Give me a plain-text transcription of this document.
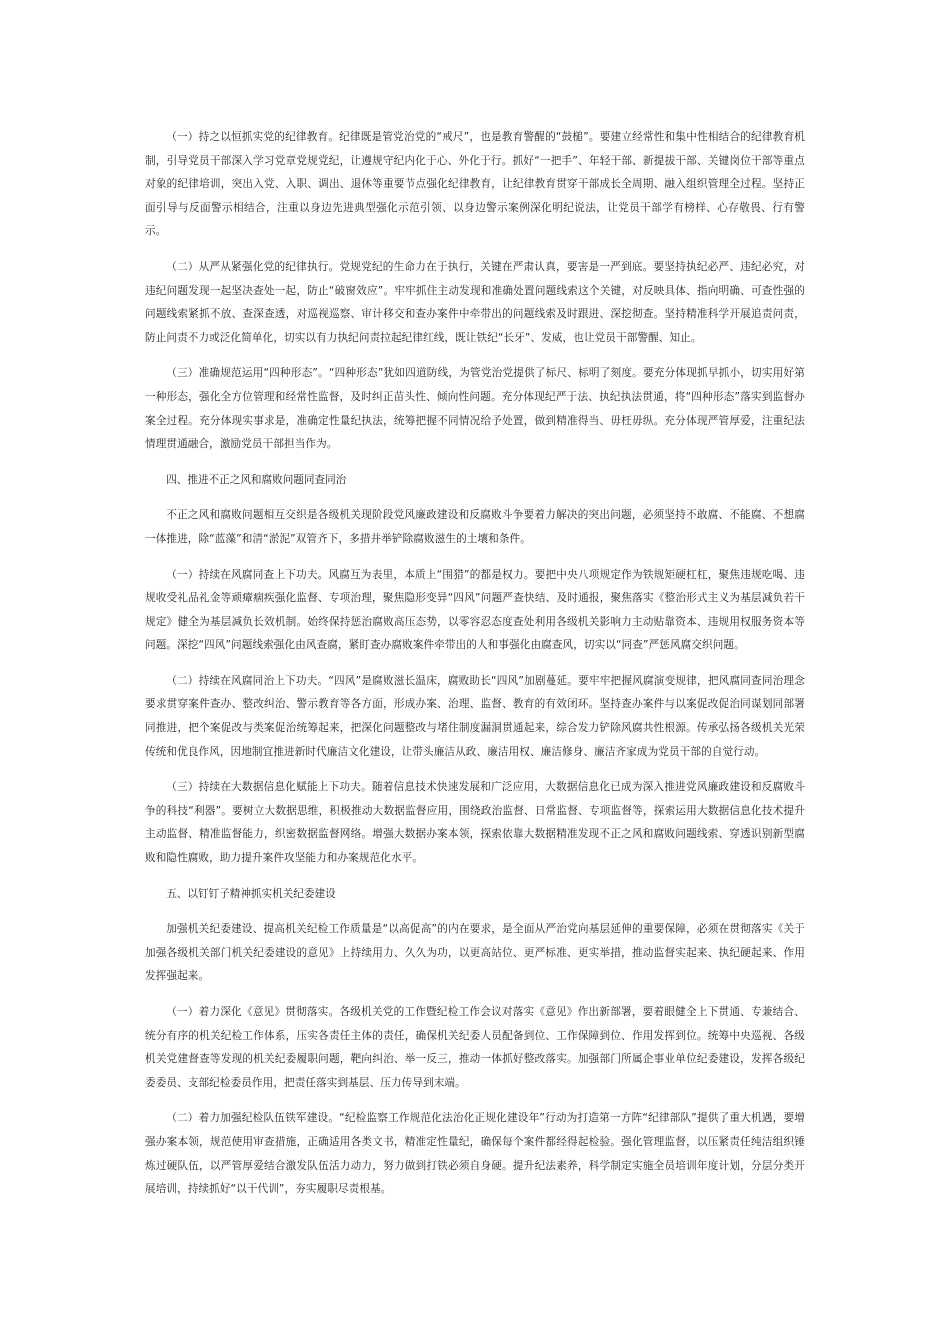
（一）持之以恒抓实党的纪律教育。纪律既是管党治党的“戒尺”，也是教育警醒的“鼓槌”。要建立经常性和集中性相结合的纪律教育机制，引导党员干部深入学习党章党规党纪，让遵规守纪内化于心、外化于行。抓好“一把手”、年轻干部、新提拔干部、关键岗位干部等重点对象的纪律培训，突出入党、入职、调出、退休等重要节点强化纪律教育，让纪律教育贯穿干部成长全周期、融入组织管理全过程。坚持正面引导与反面警示相结合，注重以身边先进典型强化示范引领、以身边警示案例深化明纪说法，让党员干部学有榜样、心存敬畏、行有警示。

（二）从严从紧强化党的纪律执行。党规党纪的生命力在于执行，关键在严肃认真，要害是一严到底。要坚持执纪必严、违纪必究，对违纪问题发现一起坚决查处一起，防止“破窗效应”。牢牢抓住主动发现和准确处置问题线索这个关键，对反映具体、指向明确、可查性强的问题线索紧抓不放、查深查透，对巡视巡察、审计移交和查办案件中牵带出的问题线索及时跟进、深挖彻查。坚持精准科学开展追责问责，防止问责不力或泛化简单化，切实以有力执纪问责拉起纪律红线，既让铁纪“长牙”、发威，也让党员干部警醒、知止。

（三）准确规范运用“四种形态”。“四种形态”犹如四道防线，为管党治党提供了标尺、标明了刻度。要充分体现抓早抓小，切实用好第一种形态，强化全方位管理和经常性监督，及时纠正苗头性、倾向性问题。充分体现纪严于法、执纪执法贯通，将“四种形态”落实到监督办案全过程。充分体现实事求是，准确定性量纪执法，统筹把握不同情况给予处置，做到精准得当、毋枉毋纵。充分体现严管厚爱，注重纪法情理贯通融合，激励党员干部担当作为。

四、推进不正之风和腐败问题同查同治

不正之风和腐败问题相互交织是各级机关现阶段党风廉政建设和反腐败斗争要着力解决的突出问题，必须坚持不敢腐、不能腐、不想腐一体推进，除“蓝藻”和清“淤泥”双管齐下，多措并举铲除腐败滋生的土壤和条件。

（一）持续在风腐同查上下功夫。风腐互为表里，本质上“围猎”的都是权力。要把中央八项规定作为铁规矩硬杠杠，聚焦违规吃喝、违规收受礼品礼金等顽瘴痼疾强化监督、专项治理，聚焦隐形变异“四风”问题严查快结、及时通报，聚焦落实《整治形式主义为基层减负若干规定》健全为基层减负长效机制。始终保持惩治腐败高压态势，以零容忍态度查处利用各级机关影响力主动贴靠资本、违规用权服务资本等问题。深挖“四风”问题线索强化由风查腐，紧盯查办腐败案件牵带出的人和事强化由腐查风，切实以“同查”严惩风腐交织问题。

（二）持续在风腐同治上下功夫。“四风”是腐败滋长温床，腐败助长“四风”加剧蔓延。要牢牢把握风腐演变规律，把风腐同查同治理念要求贯穿案件查办、整改纠治、警示教育等各方面，形成办案、治理、监督、教育的有效闭环。坚持查办案件与以案促改促治同谋划同部署同推进，把个案促改与类案促治统筹起来，把深化问题整改与堵住制度漏洞贯通起来，综合发力铲除风腐共性根源。传承弘扬各级机关光荣传统和优良作风，因地制宜推进新时代廉洁文化建设，让带头廉洁从政、廉洁用权、廉洁修身、廉洁齐家成为党员干部的自觉行动。

（三）持续在大数据信息化赋能上下功夫。随着信息技术快速发展和广泛应用，大数据信息化已成为深入推进党风廉政建设和反腐败斗争的科技“利器”。要树立大数据思维，积极推动大数据监督应用，围绕政治监督、日常监督、专项监督等，探索运用大数据信息化技术提升主动监督、精准监督能力，织密数据监督网络。增强大数据办案本领，探索依靠大数据精准发现不正之风和腐败问题线索、穿透识别新型腐败和隐性腐败，助力提升案件攻坚能力和办案规范化水平。

五、以钉钉子精神抓实机关纪委建设

加强机关纪委建设、提高机关纪检工作质量是“以高促高”的内在要求，是全面从严治党向基层延伸的重要保障，必须在贯彻落实《关于加强各级机关部门机关纪委建设的意见》上持续用力、久久为功，以更高站位、更严标准、更实举措，推动监督实起来、执纪硬起来、作用发挥强起来。

（一）着力深化《意见》贯彻落实。各级机关党的工作暨纪检工作会议对落实《意见》作出新部署，要着眼健全上下贯通、专兼结合、统分有序的机关纪检工作体系，压实各责任主体的责任，确保机关纪委人员配备到位、工作保障到位、作用发挥到位。统筹中央巡视、各级机关党建督查等发现的机关纪委履职问题，靶向纠治、举一反三，推动一体抓好整改落实。加强部门所属企事业单位纪委建设，发挥各级纪委委员、支部纪检委员作用，把责任落实到基层、压力传导到末端。

（二）着力加强纪检队伍铁军建设。“纪检监察工作规范化法治化正规化建设年”行动为打造第一方阵“纪律部队”提供了重大机遇，要增强办案本领，规范使用审查措施，正确适用各类文书，精准定性量纪，确保每个案件都经得起检验。强化管理监督，以压紧责任纯洁组织锤炼过硬队伍，以严管厚爱结合激发队伍活力动力，努力做到打铁必须自身硬。提升纪法素养，科学制定实施全员培训年度计划，分层分类开展培训，持续抓好“以干代训”，夯实履职尽责根基。
